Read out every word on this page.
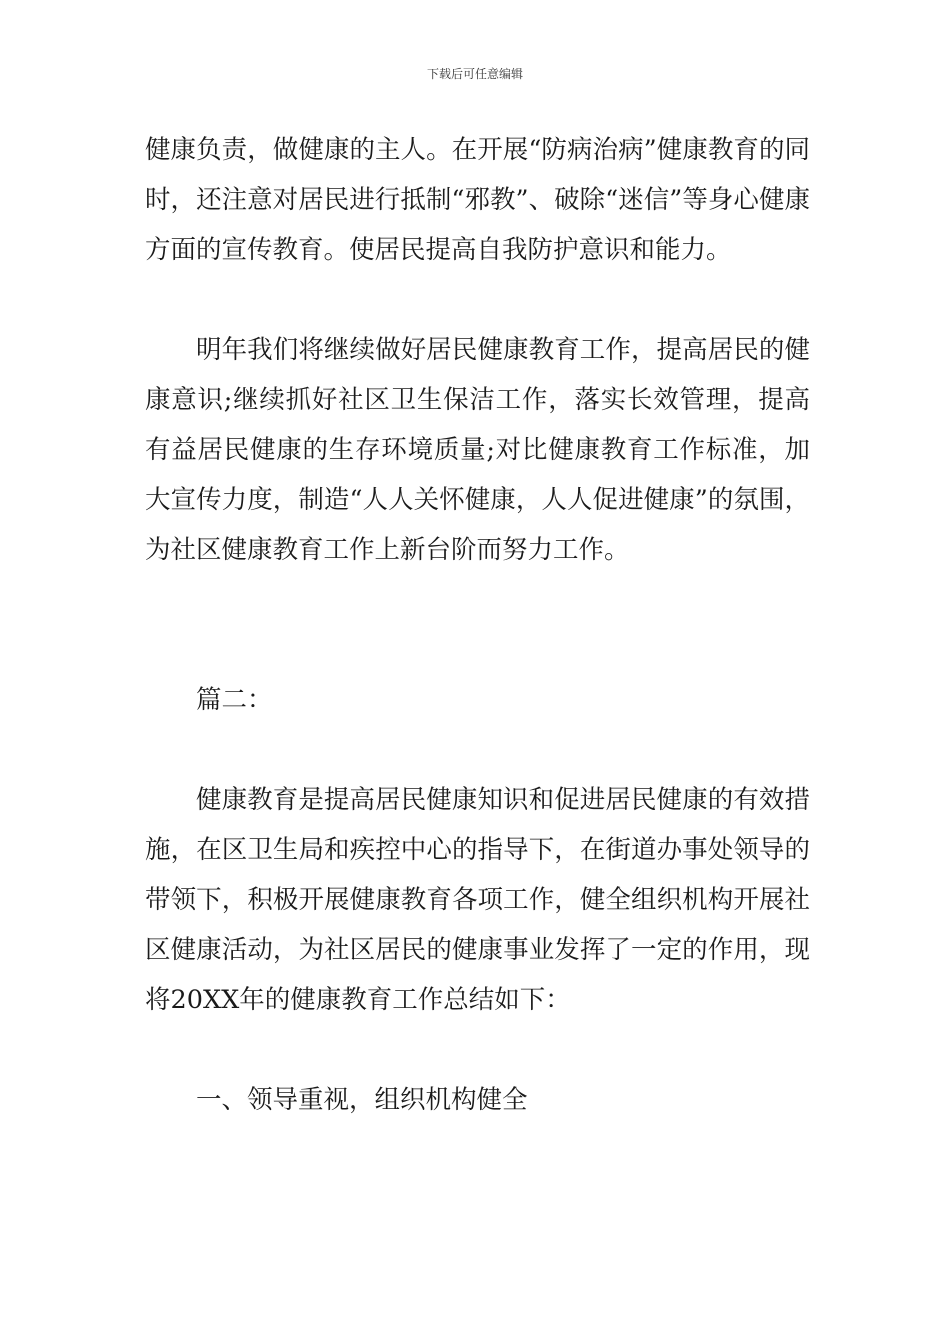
下载后可任意编辑

健康负责，做健康的主人。在开展“防病治病”健康教育的同时，还注意对居民进行抵制“邪教”、破除“迷信”等身心健康方面的宣传教育。使居民提高自我防护意识和能力。

明年我们将继续做好居民健康教育工作，提高居民的健康意识;继续抓好社区卫生保洁工作，落实长效管理，提高有益居民健康的生存环境质量;对比健康教育工作标准，加大宣传力度，制造“人人关怀健康，人人促进健康”的氛围，为社区健康教育工作上新台阶而努力工作。

篇二：

健康教育是提高居民健康知识和促进居民健康的有效措施，在区卫生局和疾控中心的指导下，在街道办事处领导的带领下，积极开展健康教育各项工作，健全组织机构开展社区健康活动，为社区居民的健康事业发挥了一定的作用，现将20XX年的健康教育工作总结如下：

一、领导重视，组织机构健全
